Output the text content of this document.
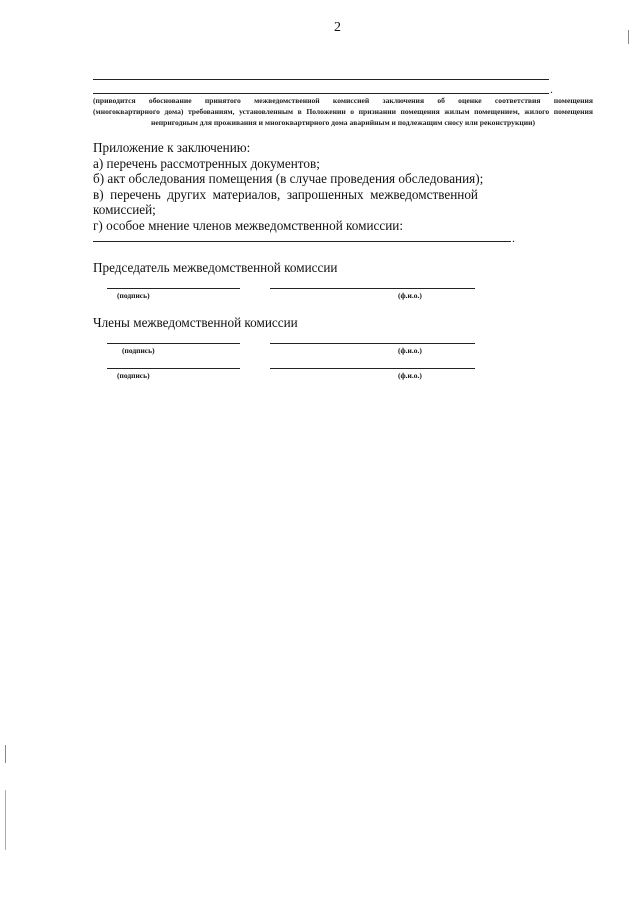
2
.
(приводится обоснование принятого межведомственной комиссией заключения об оценке соответствия помещения
(многоквартирного дома) требованиям, установленным в Положении о признании помещения жилым помещением, жилого помещения
непригодным для проживания и многоквартирного дома аварийным и подлежащим сносу или реконструкции)
Приложение к заключению:
а) перечень рассмотренных документов;
б) акт обследования помещения (в случае проведения обследования);
в) перечень других материалов, запрошенных межведомственной
комиссией;
г) особое мнение членов межведомственной комиссии:
.
Председатель межведомственной комиссии
(подпись)	(ф.и.о.)
Члены межведомственной комиссии
(подпись)	(ф.и.о.)
(подпись)	(ф.и.о.)
